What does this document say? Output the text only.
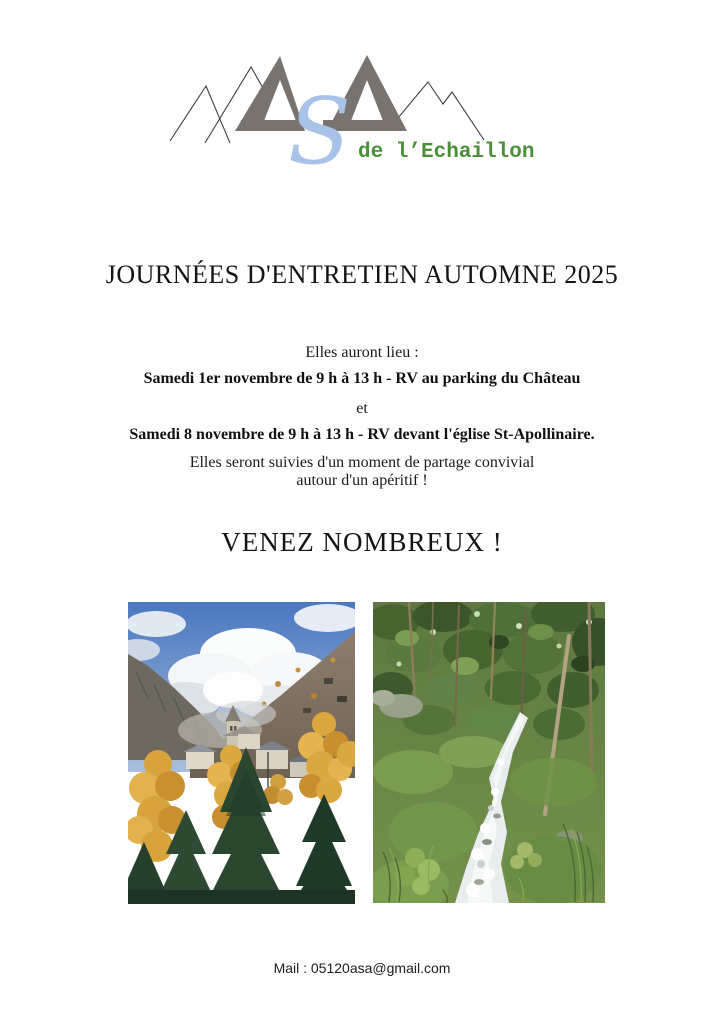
S de l’Echaillon
JOURNÉES D'ENTRETIEN AUTOMNE 2025
Elles auront lieu :
Samedi 1er novembre de 9 h à 13 h - RV au parking du Château
et
Samedi 8 novembre de 9 h à 13 h - RV devant l'église St-Apollinaire.
Elles seront suivies d'un moment de partage convivial
autour d'un apéritif !
VENEZ NOMBREUX !
Mail : 05120asa@gmail.com
